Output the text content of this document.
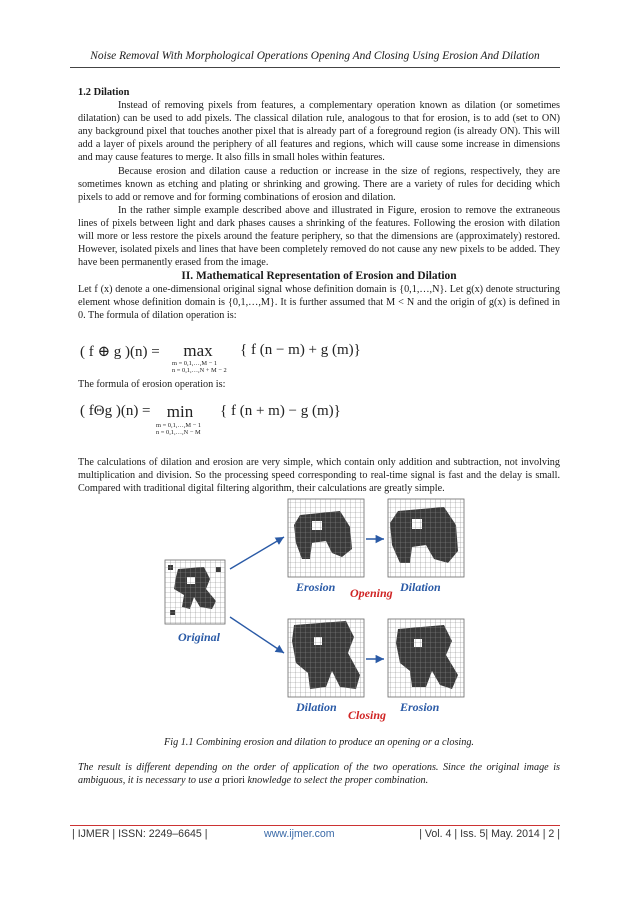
Noise Removal With Morphological Operations Opening And Closing Using Erosion And Dilation

1.2 Dilation

Instead of removing pixels from features, a complementary operation known as dilation (or sometimes dilatation) can be used to add pixels. The classical dilation rule, analogous to that for erosion, is to add (set to ON) any background pixel that touches another pixel that is already part of a foreground region (is already ON). This will add a layer of pixels around the periphery of all features and regions, which will cause some increase in dimensions and may cause features to merge. It also fills in small holes within features.

Because erosion and dilation cause a reduction or increase in the size of regions, respectively, they are sometimes known as etching and plating or shrinking and growing. There are a variety of rules for deciding which pixels to add or remove and for forming combinations of erosion and dilation.

In the rather simple example described above and illustrated in Figure, erosion to remove the extraneous lines of pixels between light and dark phases causes a shrinking of the features. Following the erosion with dilation will more or less restore the pixels around the feature periphery, so that the dimensions are (approximately) restored. However, isolated pixels and lines that have been completely removed do not cause any new pixels to be added. They have been permanently erased from the image.

II. Mathematical Representation of Erosion and Dilation

Let f (x) denote a one-dimensional original signal whose definition domain is {0,1,…,N}. Let g(x) denote structuring element whose definition domain is {0,1,…,M}. It is further assumed that M < N and the origin of g(x) is defined in 0. The formula of dilation operation is:

( f ⊕ g )(n) =	max
m = 0,1,…,M − 1
n = 0,1,…,N + M − 2
{ f (n − m) + g (m)}

The formula of erosion operation is:

( fΘg )(n) = min
m = 0,1,…,M − 1
n = 0,1,…,N − M
{ f (n + m) − g (m)}

The calculations of dilation and erosion are very simple, which contain only addition and subtraction, not involving multiplication and division. So the processing speed corresponding to real-time signal is fast and the delay is small. Compared with traditional digital filtering algorithm, their calculations are greatly simple.

Original
Erosion Opening Dilation
Dilation
Closing
Erosion
Fig 1.1 Combining erosion and dilation to produce an opening or a closing.
The result is different depending on the order of application of the two operations. Since the original image is ambiguous, it is necessary to use a priori knowledge to select the proper combination.
| IJMER | ISSN: 2249–6645 |	www.ijmer.com	| Vol. 4 | Iss. 5| May. 2014 | 2 |
